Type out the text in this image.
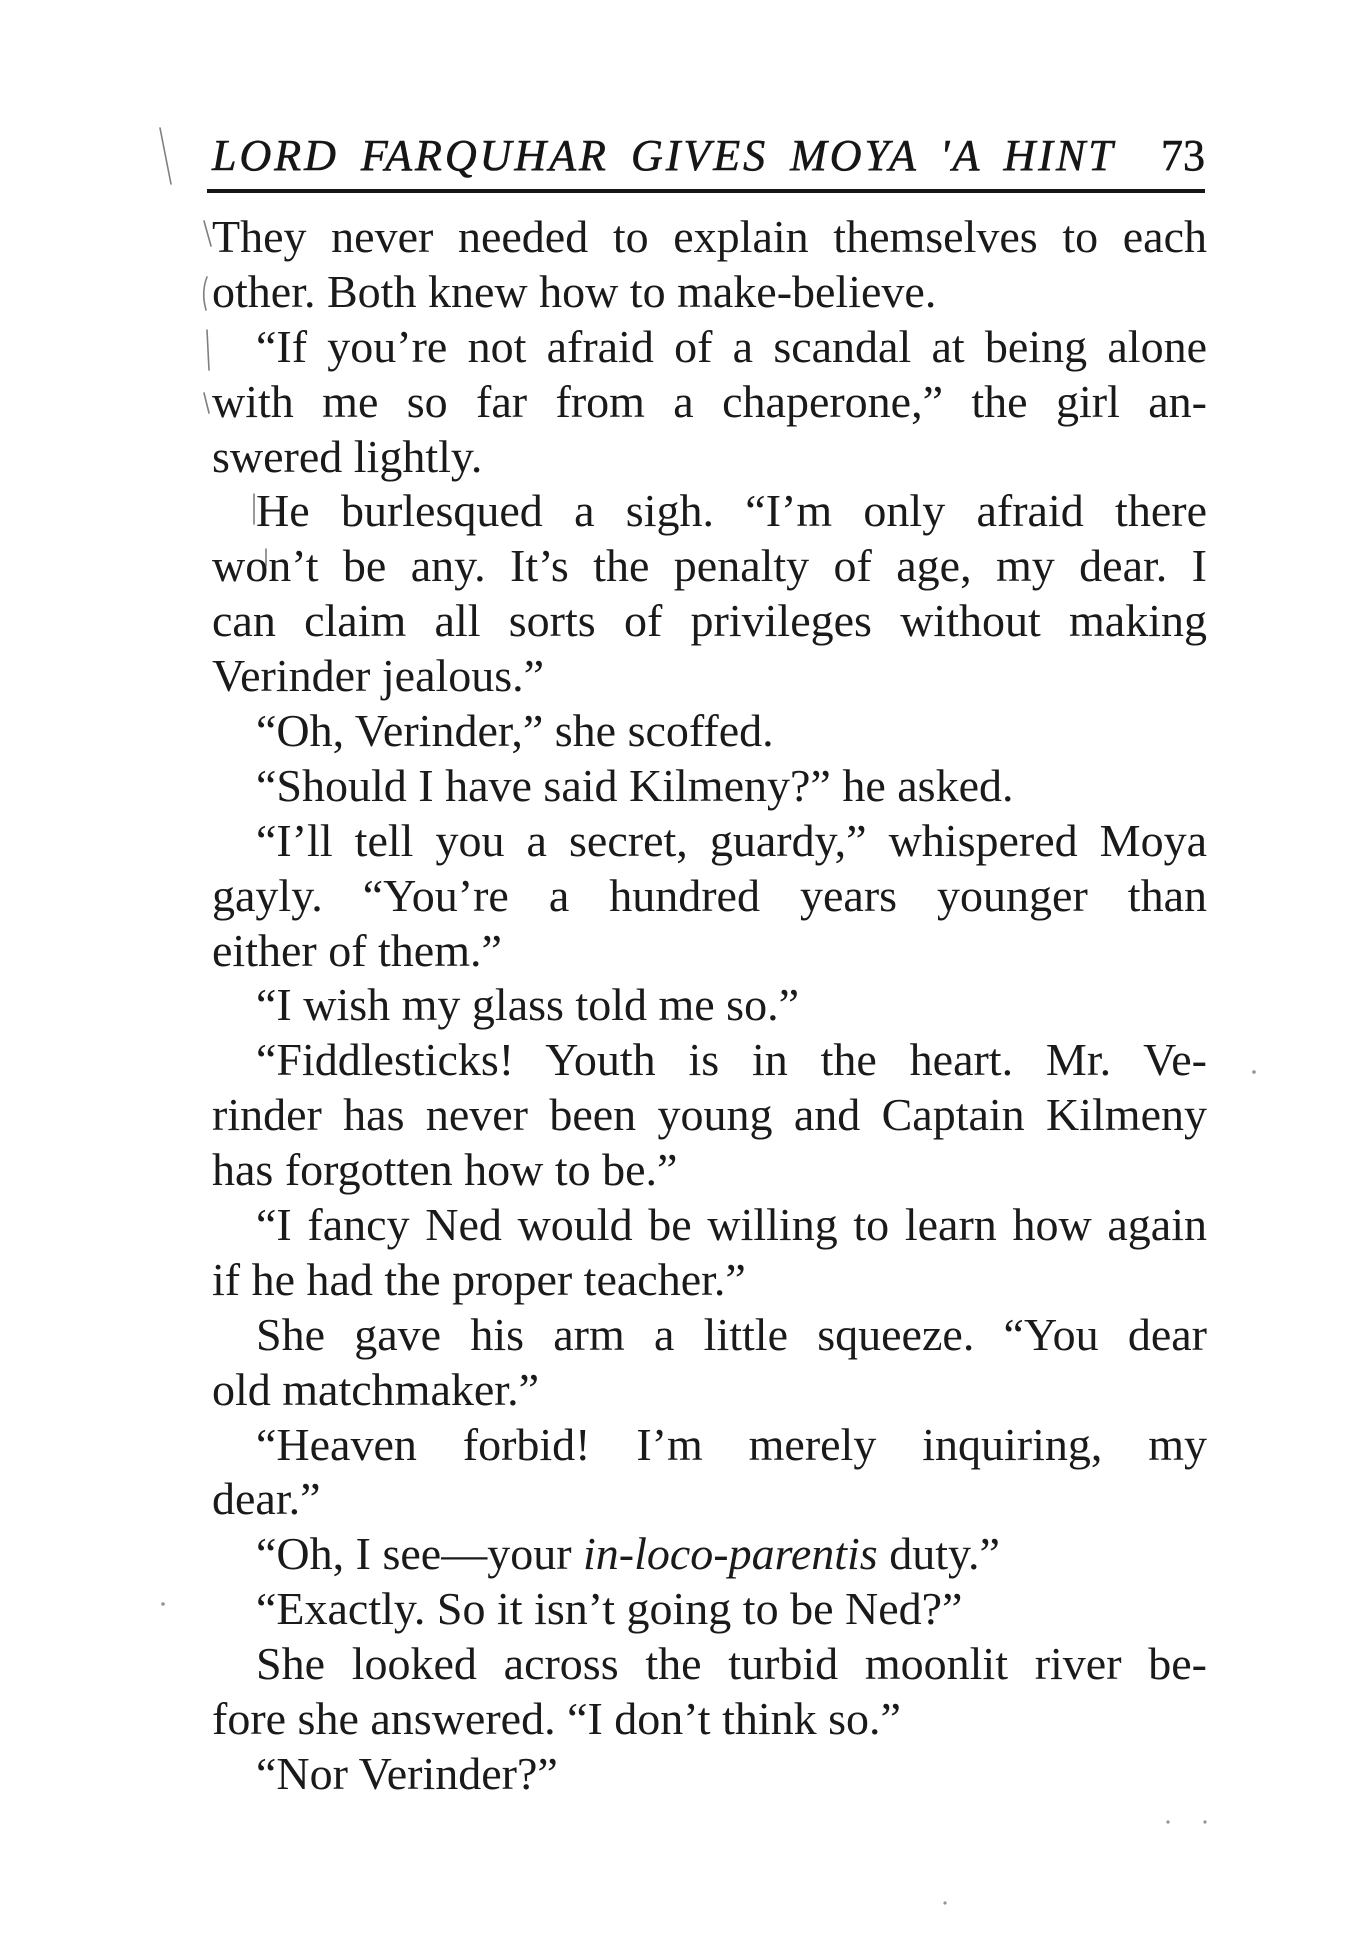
LORD FARQUHAR GIVES MOYA 'A HINT 73
They never needed to explain themselves to each
other. Both knew how to make-believe.
“If you’re not afraid of a scandal at being alone
with me so far from a chaperone,” the girl an-
swered lightly.
He burlesqued a sigh. “I’m only afraid there
won’t be any. It’s the penalty of age, my dear. I
can claim all sorts of privileges without making
Verinder jealous.”
“Oh, Verinder,” she scoffed.
“Should I have said Kilmeny?” he asked.
“I’ll tell you a secret, guardy,” whispered Moya
gayly. “You’re a hundred years younger than
either of them.”
“I wish my glass told me so.”
“Fiddlesticks! Youth is in the heart. Mr. Ve-
rinder has never been young and Captain Kilmeny
has forgotten how to be.”
“I fancy Ned would be willing to learn how again
if he had the proper teacher.”
She gave his arm a little squeeze. “You dear
old matchmaker.”
“Heaven forbid! I’m merely inquiring, my
dear.”
“Oh, I see—your in-loco-parentis duty.”
“Exactly. So it isn’t going to be Ned?”
She looked across the turbid moonlit river be-
fore she answered. “I don’t think so.”
“Nor Verinder?”
